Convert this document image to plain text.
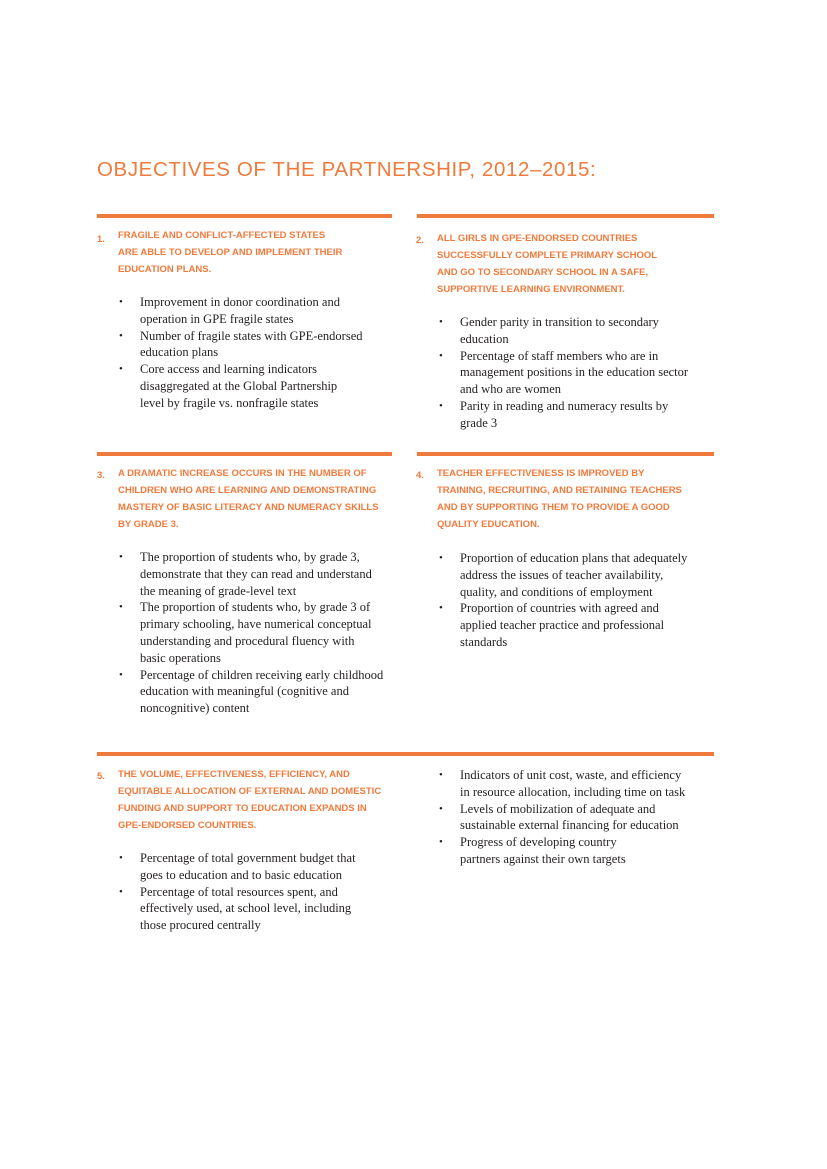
OBJECTIVES OF THE PARTNERSHIP, 2012–2015:
1. FRAGILE AND CONFLICT-AFFECTED STATES
ARE ABLE TO DEVELOP AND IMPLEMENT THEIR
EDUCATION PLANS.
• Improvement in donor coordination and
operation in GPE fragile states
• Number of fragile states with GPE-endorsed
education plans
• Core access and learning indicators
disaggregated at the Global Partnership
level by fragile vs. nonfragile states
2. ALL GIRLS IN GPE-ENDORSED COUNTRIES
SUCCESSFULLY COMPLETE PRIMARY SCHOOL
AND GO TO SECONDARY SCHOOL IN A SAFE,
SUPPORTIVE LEARNING ENVIRONMENT.
• Gender parity in transition to secondary
education
• Percentage of staff members who are in
management positions in the education sector
and who are women
• Parity in reading and numeracy results by
grade 3
3. A DRAMATIC INCREASE OCCURS IN THE NUMBER OF
CHILDREN WHO ARE LEARNING AND DEMONSTRATING
MASTERY OF BASIC LITERACY AND NUMERACY SKILLS
BY GRADE 3.
• The proportion of students who, by grade 3,
demonstrate that they can read and understand
the meaning of grade-level text
• The proportion of students who, by grade 3 of
primary schooling, have numerical conceptual
understanding and procedural fluency with
basic operations
• Percentage of children receiving early childhood
education with meaningful (cognitive and
noncognitive) content
4. TEACHER EFFECTIVENESS IS IMPROVED BY
TRAINING, RECRUITING, AND RETAINING TEACHERS
AND BY SUPPORTING THEM TO PROVIDE A GOOD
QUALITY EDUCATION.
• Proportion of education plans that adequately
address the issues of teacher availability,
quality, and conditions of employment
• Proportion of countries with agreed and
applied teacher practice and professional
standards
5. THE VOLUME, EFFECTIVENESS, EFFICIENCY, AND
EQUITABLE ALLOCATION OF EXTERNAL AND DOMESTIC
FUNDING AND SUPPORT TO EDUCATION EXPANDS IN
GPE-ENDORSED COUNTRIES.
• Percentage of total government budget that
goes to education and to basic education
• Percentage of total resources spent, and
effectively used, at school level, including
those procured centrally
• Indicators of unit cost, waste, and efficiency
in resource allocation, including time on task
• Levels of mobilization of adequate and
sustainable external financing for education
• Progress of developing country
partners against their own targets
